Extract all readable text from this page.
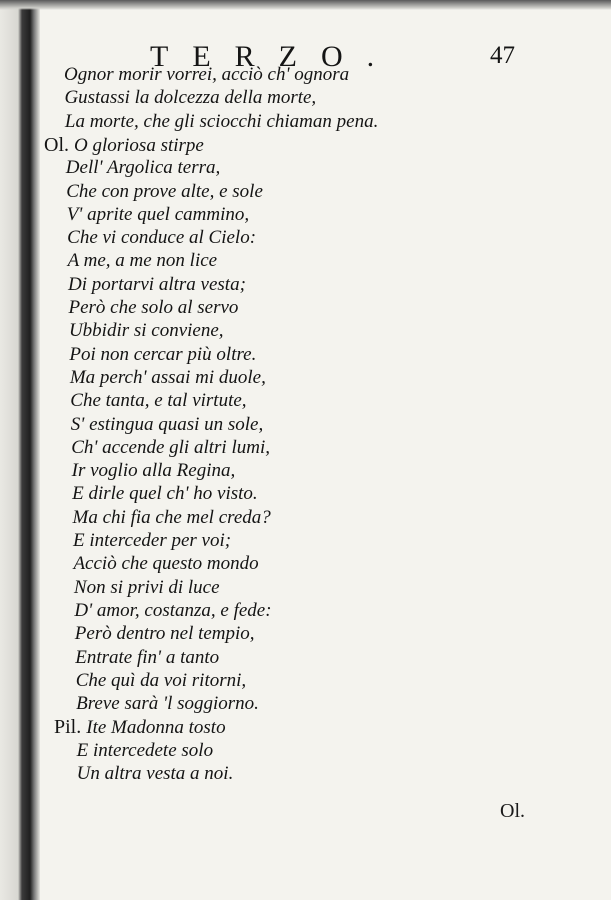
TERZO.	47
Ognor morir vorrei, acciò ch' ognora
Gustassi la dolcezza della morte,
La morte, che gli sciocchi chiaman pena.
Ol. O gloriosa stirpe
Dell' Argolica terra,
Che con prove alte, e sole
V' aprite quel cammino,
Che vi conduce al Cielo:
A me, a me non lice
Di portarvi altra vesta;
Però che solo al servo
Ubbidir si conviene,
Poi non cercar più oltre.
Ma perch' assai mi duole,
Che tanta, e tal virtute,
S' estingua quasi un sole,
Ch' accende gli altri lumi,
Ir voglio alla Regina,
E dirle quel ch' ho visto.
Ma chi fia che mel creda?
E interceder per voi;
Acciò che questo mondo
Non si privi di luce
D' amor, costanza, e fede:
Però dentro nel tempio,
Entrate fin' a tanto
Che quì da voi ritorni,
Breve sarà 'l soggiorno.
Pil. Ite Madonna tosto
E intercedete solo
Un altra vesta a noi.
Ol.
